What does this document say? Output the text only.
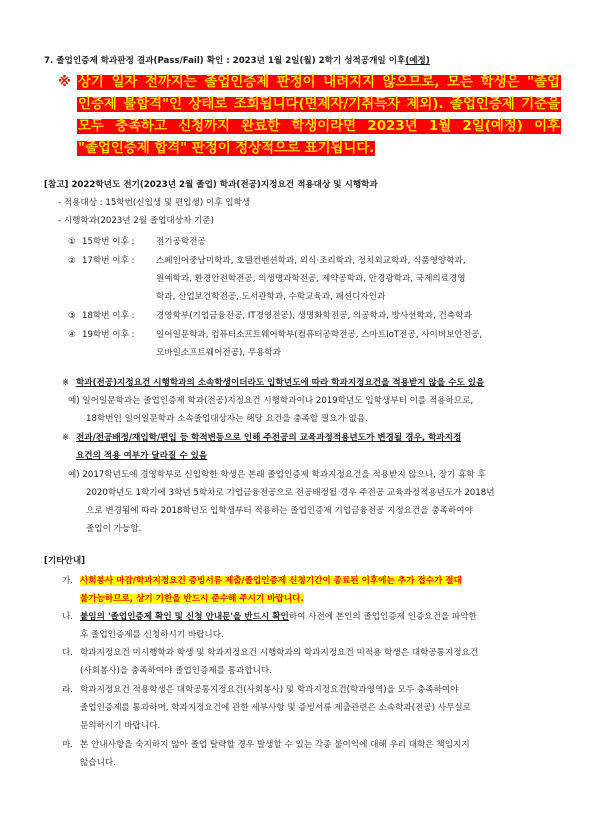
7. 졸업인증제 학과판정 결과(Pass/Fail) 확인 : 2023년 1월 2일(월) 2학기 성적공개일 이후(예정)
※ 상기 일자 전까지는 졸업인증제 판정이 내려지지 않으므로, 모든 학생은 "졸업
인증제 불합격"인 상태로 조회됩니다(면제자/기취득자 제외). 졸업인증제 기준을
모두 충족하고 신청까지 완료한 학생이라면 2023년 1월 2일(예정) 이후
"졸업인증제 합격" 판정이 정상적으로 표기됩니다.
[참고] 2022학년도 전기(2023년 2월 졸업) 학과(전공)지정요건 적용대상 및 시행학과
- 적용대상 : 15학번(신입생 및 편입생) 이후 입학생
- 시행학과(2023년 2월 졸업대상자 기준)
① 15학번 이후 : 전기공학전공
② 17학번 이후 : 스페인어중남미학과, 호텔컨벤션학과, 외식·조리학과, 정치외교학과, 식품영양학과,
원예학과, 환경안전학전공, 의생명과학전공, 제약공학과, 안경광학과, 국제의료경영
학과, 산업보건학전공, 도서관학과, 수학교육과, 패션디자인과
③ 18학번 이후 : 경영학부(기업금융전공, IT경영전공), 생명화학전공, 의공학과, 방사선학과, 건축학과
④ 19학번 이후 : 일어일문학과, 컴퓨터소프트웨어학부(컴퓨터공학전공, 스마트IoT전공, 사이버보안전공,
모바일소프트웨어전공), 무용학과
※ 학과(전공)지정요건 시행학과의 소속학생이더라도 입학년도에 따라 학과지정요건을 적용받지 않을 수도 있음
예) 일어일문학과는 졸업인증제 학과(전공)지정요건 시행학과이나 2019학년도 입학생부터 이를 적용하므로,
18학번인 일어일문학과 소속졸업대상자는 해당 요건을 충족할 필요가 없음.
※ 전과/전공배정/재입학/편입 등 학적변동으로 인해 주전공의 교육과정적용년도가 변경될 경우, 학과지정
요건의 적용 여부가 달라질 수 있음
예) 2017학년도에 경영학부로 신입학한 학생은 본래 졸업인증제 학과지정요건을 적용받지 않으나, 장기 휴학 후
2020학년도 1학기에 3학년 5학차로 기업금융전공으로 전공배정될 경우 주전공 교육과정적용년도가 2018년
으로 변경됨에 따라 2018학년도 입학생부터 적용하는 졸업인증제 기업금융전공 지정요건을 충족하여야
졸업이 가능함.
[기타안내]
가. 사회봉사 마감/학과지정요건 증빙서류 제출/졸업인증제 신청기간이 종료된 이후에는 추가 접수가 절대
불가능하므로, 상기 기한을 반드시 준수해 주시기 바랍니다.
나. 붙임의 '졸업인증제 확인 및 신청 안내문'을 반드시 확인하여 사전에 본인의 졸업인증제 인증요건을 파악한
후 졸업인증제를 신청하시기 바랍니다.
다. 학과지정요건 미시행학과 학생 및 학과지정요건 시행학과의 학과지정요건 미적용 학생은 대학공통지정요건
(사회봉사)을 충족하여야 졸업인증제를 통과합니다.
라. 학과지정요건 적용학생은 대학공통지정요건(사회봉사) 및 학과지정요건(학과영역)을 모두 충족하여야
졸업인증제를 통과하며, 학과지정요건에 관한 세부사항 및 증빙서류 제출관련은 소속학과(전공) 사무실로
문의하시기 바랍니다.
마. 본 안내사항을 숙지하지 않아 졸업 탈락할 경우 발생할 수 있는 각종 불이익에 대해 우리 대학은 책임지지
않습니다.
